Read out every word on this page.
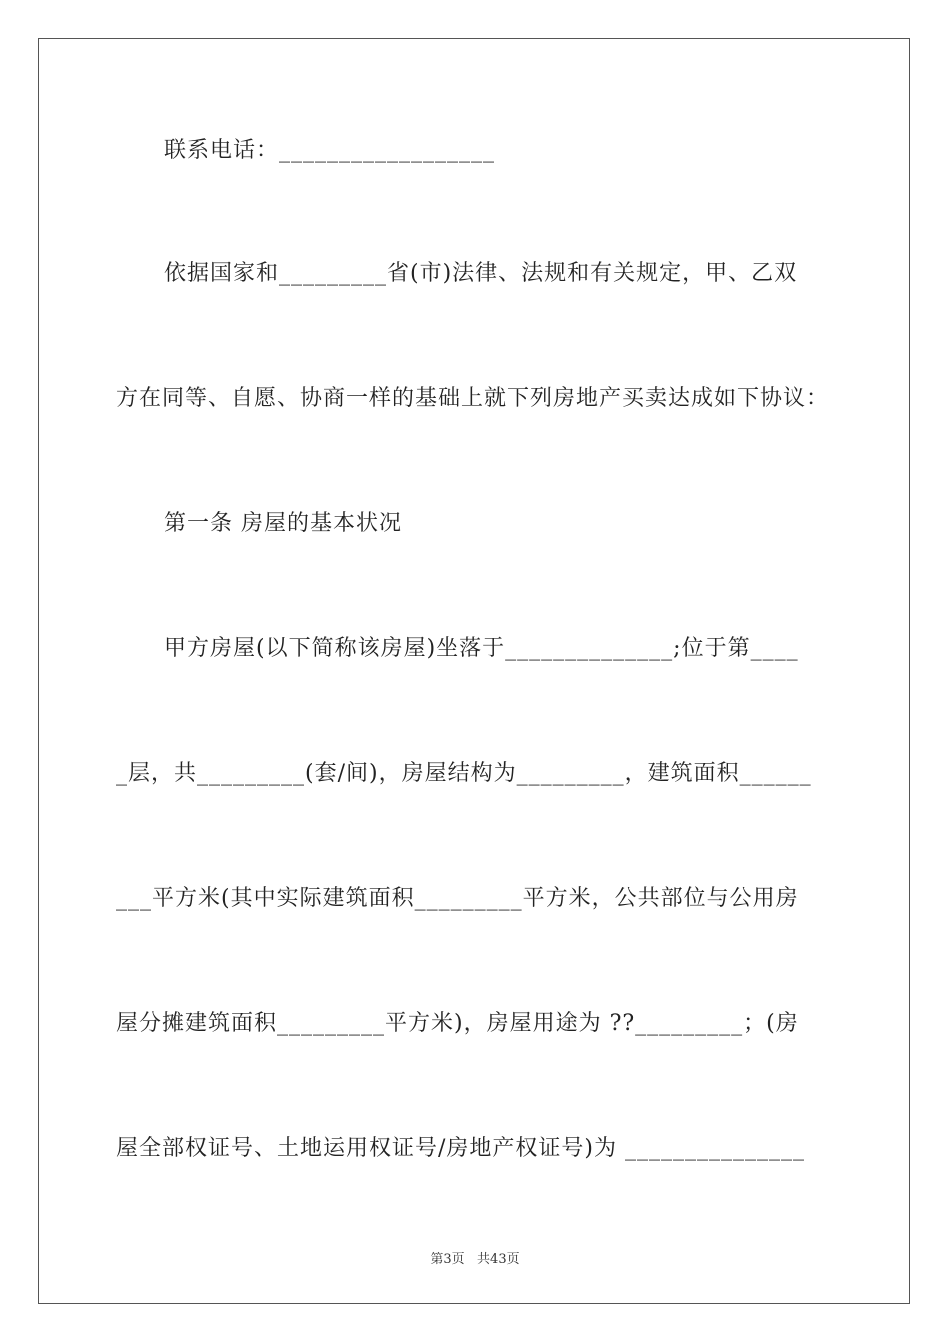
联系电话：__________________
依据国家和_________省(市)法律、法规和有关规定，甲、乙双
方在同等、自愿、协商一样的基础上就下列房地产买卖达成如下协议：
第一条 房屋的基本状况
甲方房屋(以下简称该房屋)坐落于______________;位于第____
_层，共_________(套/间)，房屋结构为_________，建筑面积______
___平方米(其中实际建筑面积_________平方米，公共部位与公用房
屋分摊建筑面积_________平方米)，房屋用途为 ??_________；(房
屋全部权证号、土地运用权证号/房地产权证号)为 _______________
第3页   共43页
